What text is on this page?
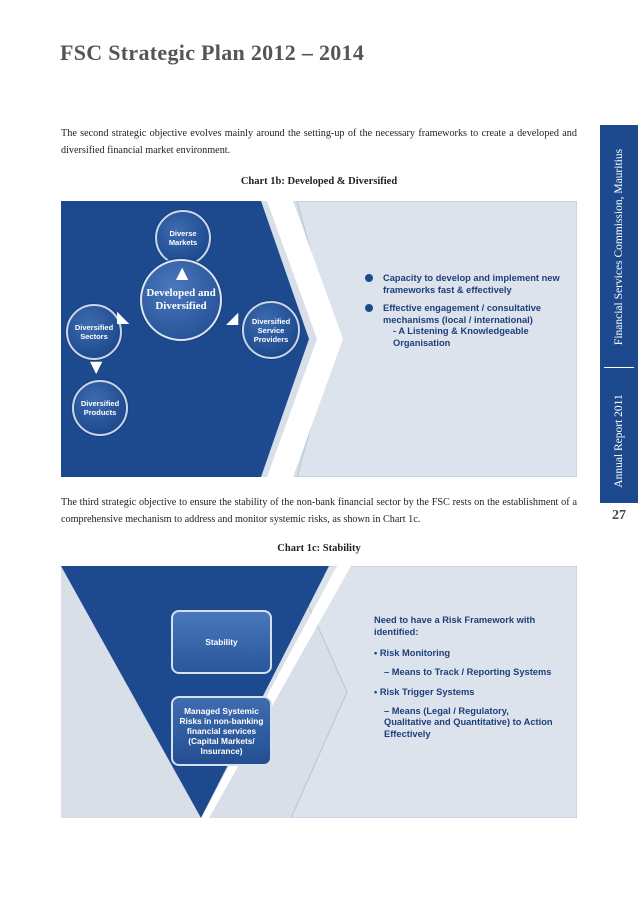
FSC Strategic Plan 2012 – 2014
Financial Services Commission, Mauritius
Annual Report 2011
27

The second strategic objective evolves mainly around the setting-up of the necessary frameworks to create a developed and diversified financial market environment.

Chart 1b: Developed & Diversified
Diverse Markets
Developed and Diversified
Diversified Sectors
Diversified Products
Diversified Service Providers
▲
◣	◢
▼
Capacity to develop and implement new frameworks fast & effectively
Effective engagement / consultative mechanisms (local / international)
- A Listening & Knowledgeable Organisation

The third strategic objective to ensure the stability of the non-bank financial sector by the FSC rests on the establishment of a comprehensive mechanism to address and monitor systemic risks, as shown in Chart 1c.

Chart 1c: Stability
Stability
Managed Systemic Risks in non-banking financial services (Capital Markets/ Insurance)
Need to have a Risk Framework with identified:
• Risk Monitoring
– Means to Track / Reporting Systems
• Risk Trigger Systems
– Means (Legal / Regulatory, Qualitative and Quantitative) to Action Effectively
